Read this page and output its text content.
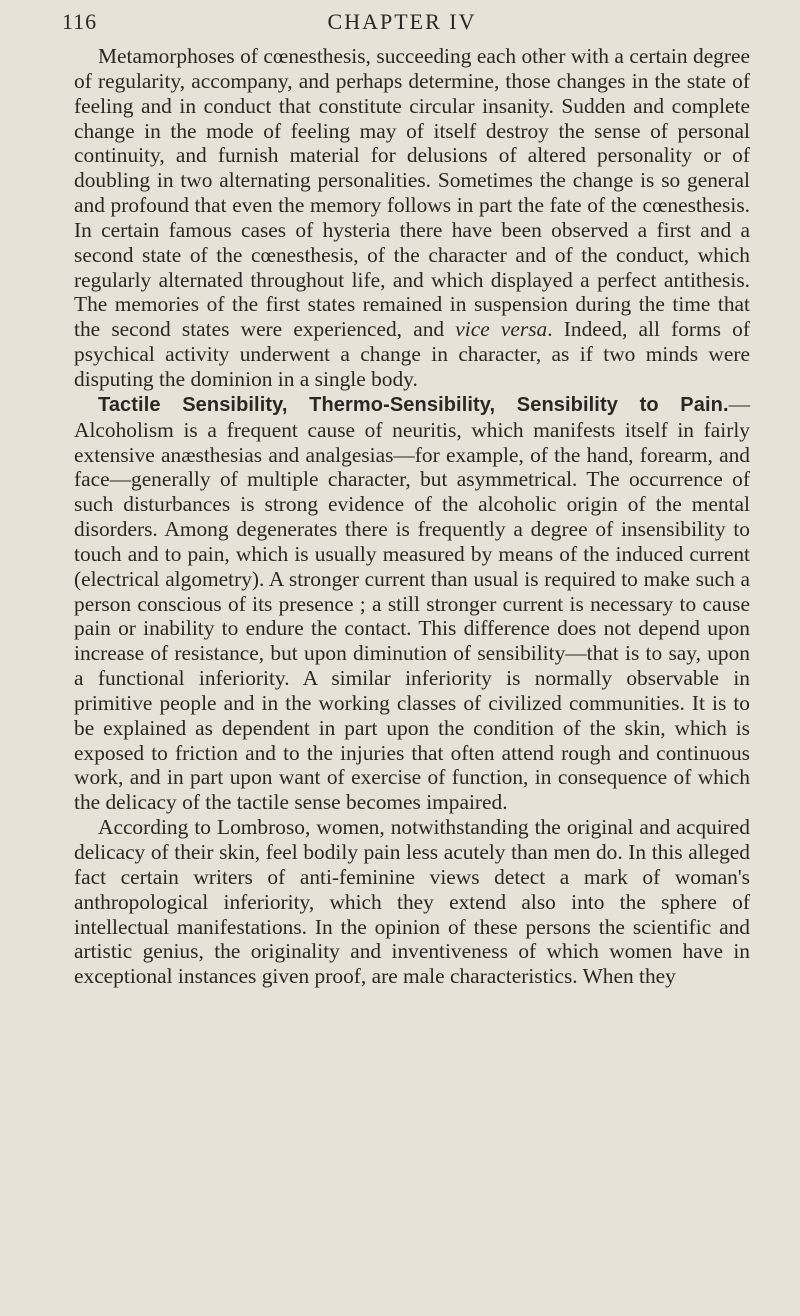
116	CHAPTER IV

Metamorphoses of cœnesthesis, succeeding each other with a certain degree of regularity, accompany, and perhaps determine, those changes in the state of feeling and in conduct that constitute circular insanity. Sudden and complete change in the mode of feeling may of itself destroy the sense of personal continuity, and furnish material for delusions of altered personality or of doubling in two alternating personalities. Sometimes the change is so general and profound that even the memory follows in part the fate of the cœnesthesis. In certain famous cases of hysteria there have been observed a first and a second state of the cœnesthesis, of the character and of the conduct, which regularly alternated throughout life, and which displayed a perfect antithesis. The memories of the first states remained in suspension during the time that the second states were experienced, and vice versa. Indeed, all forms of psychical activity underwent a change in character, as if two minds were disputing the dominion in a single body.

Tactile Sensibility, Thermo-Sensibility, Sensibility to Pain.— Alcoholism is a frequent cause of neuritis, which manifests itself in fairly extensive anæsthesias and analgesias—for example, of the hand, forearm, and face—generally of multiple character, but asymmetrical. The occurrence of such disturbances is strong evidence of the alcoholic origin of the mental disorders. Among degenerates there is frequently a degree of insensibility to touch and to pain, which is usually measured by means of the induced current (electrical algometry). A stronger current than usual is required to make such a person conscious of its presence ; a still stronger current is necessary to cause pain or inability to endure the contact. This difference does not depend upon increase of resistance, but upon diminution of sensibility—that is to say, upon a functional inferiority. A similar inferiority is normally observable in primitive people and in the working classes of civilized communities. It is to be explained as dependent in part upon the condition of the skin, which is exposed to friction and to the injuries that often attend rough and continuous work, and in part upon want of exercise of function, in consequence of which the delicacy of the tactile sense becomes impaired.

According to Lombroso, women, notwithstanding the original and acquired delicacy of their skin, feel bodily pain less acutely than men do. In this alleged fact certain writers of anti-feminine views detect a mark of woman's anthropological inferiority, which they extend also into the sphere of intellectual manifestations. In the opinion of these persons the scientific and artistic genius, the originality and inventiveness of which women have in exceptional instances given proof, are male characteristics. When they
